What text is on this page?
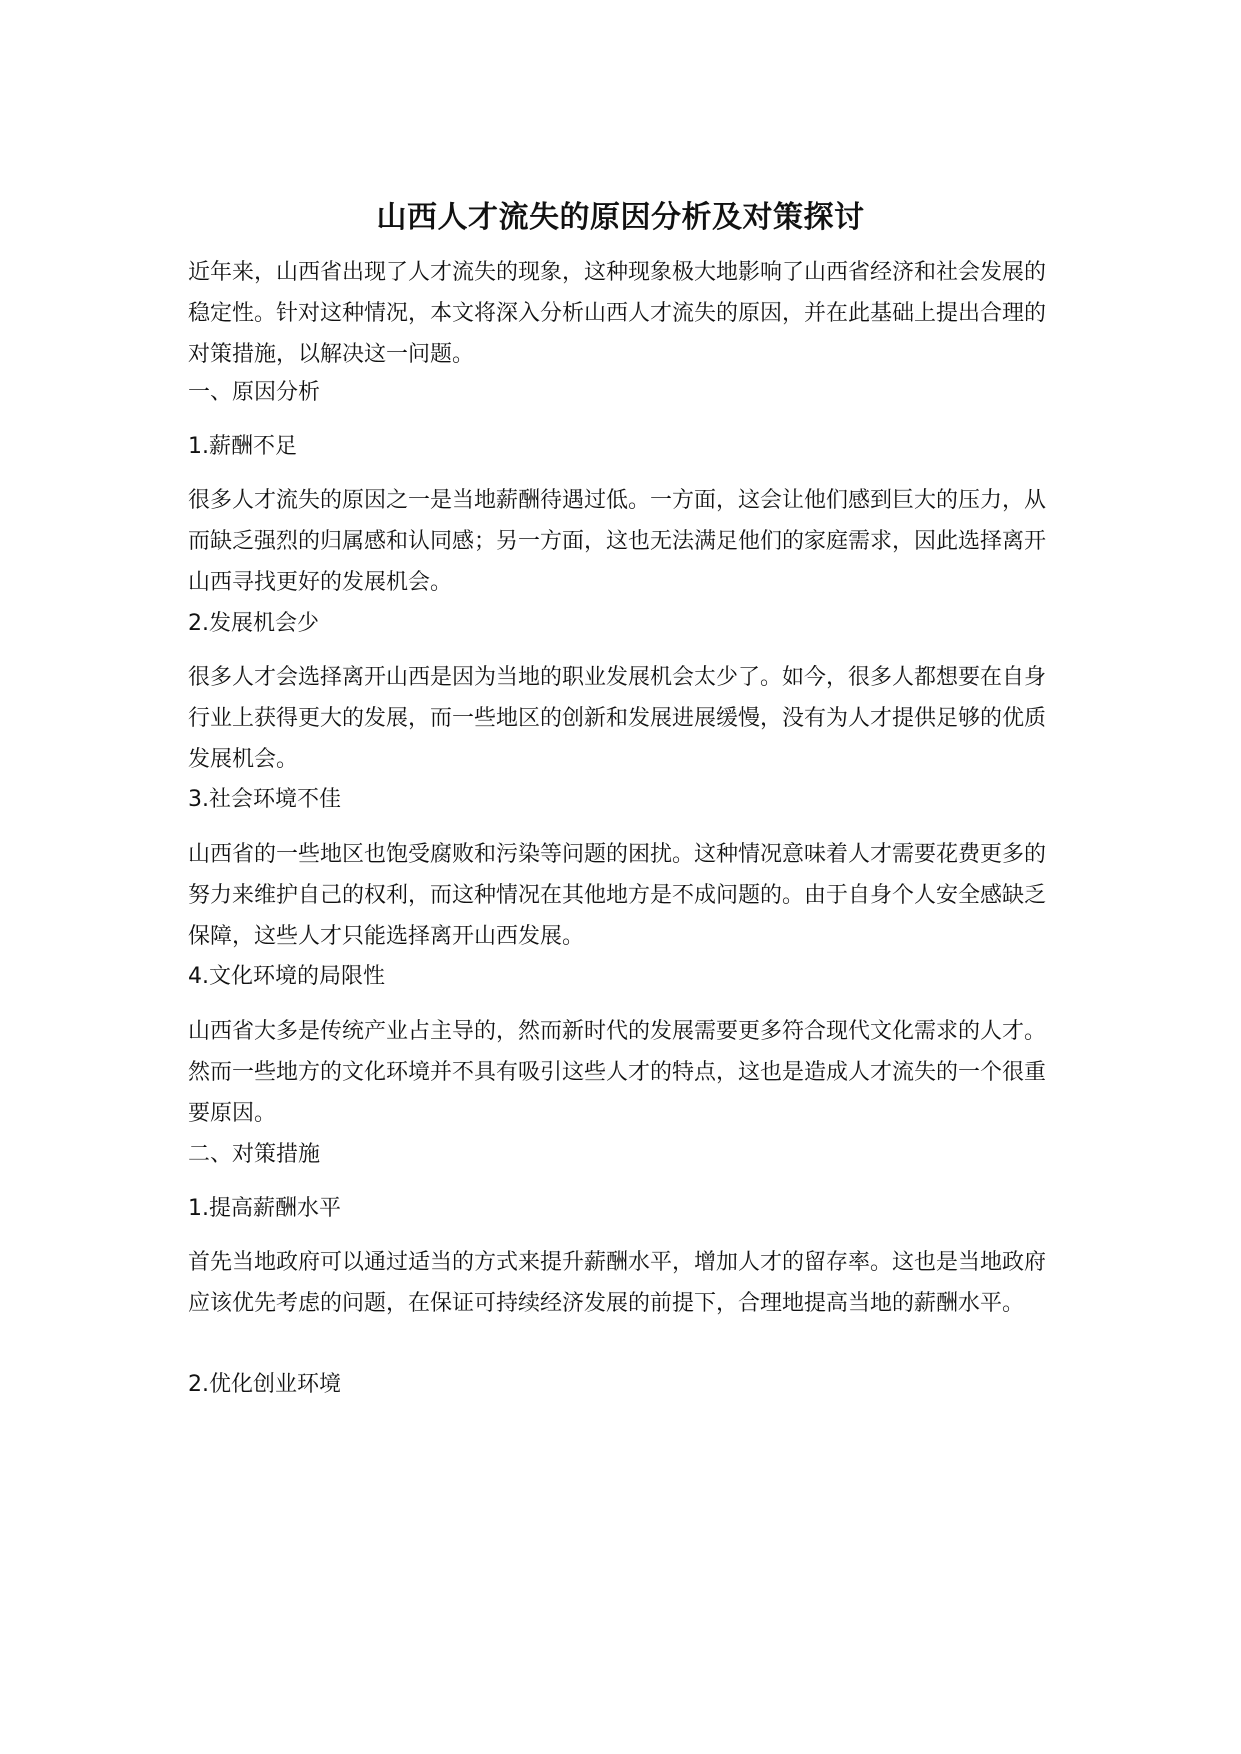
山西人才流失的原因分析及对策探讨

近年来，山西省出现了人才流失的现象，这种现象极大地影响了山西省经济和社会发展的稳定性。针对这种情况，本文将深入分析山西人才流失的原因，并在此基础上提出合理的对策措施，以解决这一问题。

一、原因分析

1.薪酬不足

很多人才流失的原因之一是当地薪酬待遇过低。一方面，这会让他们感到巨大的压力，从而缺乏强烈的归属感和认同感；另一方面，这也无法满足他们的家庭需求，因此选择离开山西寻找更好的发展机会。

2.发展机会少

很多人才会选择离开山西是因为当地的职业发展机会太少了。如今，很多人都想要在自身行业上获得更大的发展，而一些地区的创新和发展进展缓慢，没有为人才提供足够的优质发展机会。

3.社会环境不佳

山西省的一些地区也饱受腐败和污染等问题的困扰。这种情况意味着人才需要花费更多的努力来维护自己的权利，而这种情况在其他地方是不成问题的。由于自身个人安全感缺乏保障，这些人才只能选择离开山西发展。

4.文化环境的局限性

山西省大多是传统产业占主导的，然而新时代的发展需要更多符合现代文化需求的人才。然而一些地方的文化环境并不具有吸引这些人才的特点，这也是造成人才流失的一个很重要原因。

二、对策措施

1.提高薪酬水平

首先当地政府可以通过适当的方式来提升薪酬水平，增加人才的留存率。这也是当地政府应该优先考虑的问题，在保证可持续经济发展的前提下，合理地提高当地的薪酬水平。

2.优化创业环境
